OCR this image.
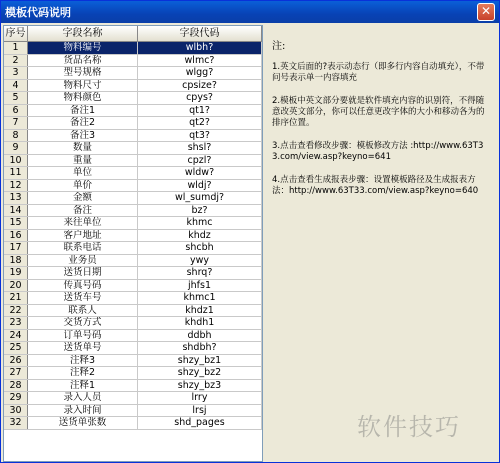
模板代码说明	✕
序号	字段名称	字段代码
1	物料编号	wlbh?
2	货品名称	wlmc?
3	型号规格	wlgg?
4	物料尺寸	cpsize?
5	物料颜色	cpys?
6	备注1	qt1?
7	备注2	qt2?
8	备注3	qt3?
9	数量	shsl?
10	重量	cpzl?
11	单位	wldw?
12	单价	wldj?
13	金额	wl_sumdj?
14	备注	bz?
15	来往单位	khmc
16	客户地址	khdz
17	联系电话	shcbh
18	业务员	ywy
19	送货日期	shrq?
20	传真号码	jhfs1
21	送货车号	khmc1
22	联系人	khdz1
23	交货方式	khdh1
24	订单号码	ddbh
25	送货单号	shdbh?
26	注释3	shzy_bz1
27	注释2	shzy_bz2
28	注释1	shzy_bz3
29	录入人员	lrry
30	录入时间	lrsj
32	送货单张数	shd_pages
注:
1.英文后面的?表示动态行（即多行内容自动填充），不带问号表示单一内容填充
2.模板中英文部分要就是软件填充内容的识别符，不得随意改英文部分，你可以任意更改字体的大小和移动各为的排序位置。
3.点击查看修改步骤：模板修改方法 :http://www.63T33.com/view.asp?keyno=641
4.点击查看生成报表步骤：设置模板路径及生成报表方法：http://www.63T33.com/view.asp?keyno=640
软件技巧
